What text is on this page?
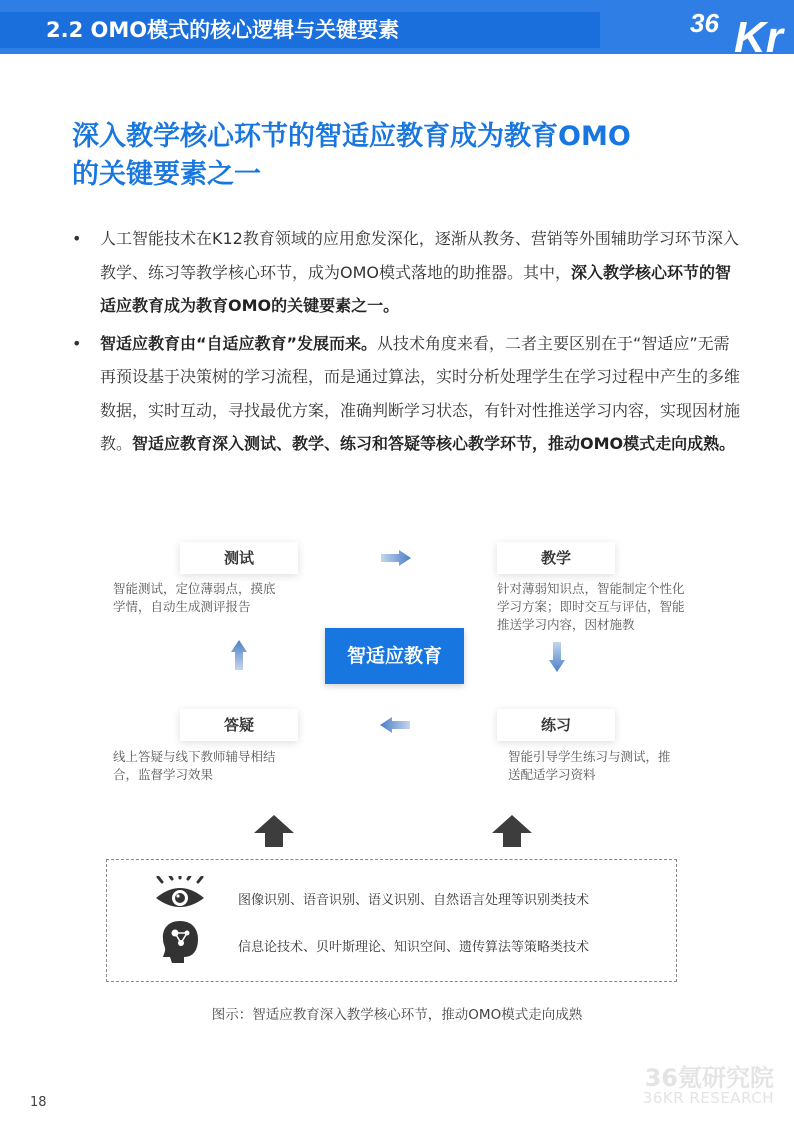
2.2 OMO模式的核心逻辑与关键要素	36 Kr
深入教学核心环节的智适应教育成为教育OMO
的关键要素之一
• 人工智能技术在K12教育领域的应用愈发深化，逐渐从教务、营销等外围辅助学习环节深入教学、练习等教学核心环节，成为OMO模式落地的助推器。其中，深入教学核心环节的智适应教育成为教育OMO的关键要素之一。
• 智适应教育由“自适应教育”发展而来。从技术角度来看，二者主要区别在于“智适应”无需再预设基于决策树的学习流程，而是通过算法，实时分析处理学生在学习过程中产生的多维数据，实时互动，寻找最优方案，准确判断学习状态，有针对性推送学习内容，实现因材施教。智适应教育深入测试、教学、练习和答疑等核心教学环节，推动OMO模式走向成熟。
测试	教学
答疑	练习
智能测试，定位薄弱点，摸底
学情，自动生成测评报告
针对薄弱知识点，智能制定个性化
学习方案；即时交互与评估，智能
推送学习内容，因材施教
线上答疑与线下教师辅导相结
合，监督学习效果
智能引导学生练习与测试，推
送配适学习资料
智适应教育
图像识别、语音识别、语义识别、自然语言处理等识别类技术
信息论技术、贝叶斯理论、知识空间、遗传算法等策略类技术
图示：智适应教育深入教学核心环节，推动OMO模式走向成熟
18
36氪研究院
36KR RESEARCH
